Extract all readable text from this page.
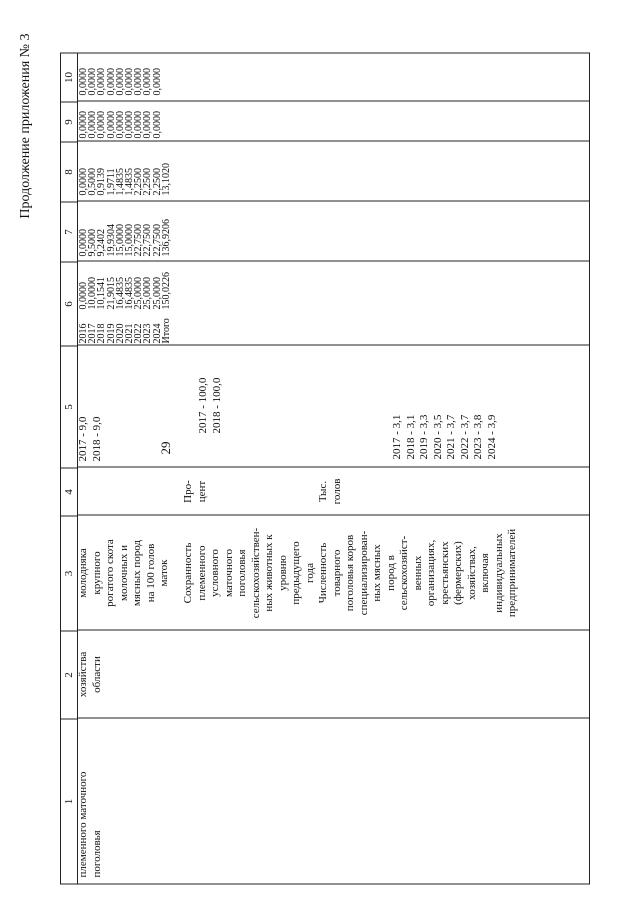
29
Продолжение приложения № 3
1
2
3
4
5
6
7
8
9
10
племенного маточного поголовья
хозяйства области
молодняка крупного рогатого скота молочных и мясных пород на 100 голов маток
2017 - 9,0 2018 - 9,0
Сохранность племенного условного маточного поголовья сельскохозяйствен- ных животных к уровню предыдущего года
Про- цент
2017 - 100,0 2018 - 100,0
Численность товарного поголовья коров специализирован- ных мясных пород в сельскохозяйст- венных организациях, крестьянских (фермерских) хозяйствах, включая индивидуальных предпринимателей
Тыс. голов
2017 - 3,1 2018 - 3,1 2019 - 3,3 2020 - 3,5 2021 - 3,7 2022 - 3,7 2023 - 3,8 2024 - 3,9
2016
2017
2018
2019
2020
2021
2022
2023
2024
Итого
0,0000
10,0000
10,1541
21,9015
16,4835
16,4835
25,0000
25,0000
25,0000
150,0226
0,0000
9,5000
9,2402
19,9304
15,0000
15,0000
22,7500
22,7500
22,7500
136,9206
0,0000
0,5000
0,9139
1,9711
1,4835
1,4835
2,2500
2,2500
2,2500
13,1020
0,0000
0,0000
0,0000
0,0000
0,0000
0,0000
0,0000
0,0000
0,0000
0,0000
0,0000
0,0000
0,0000
0,0000
0,0000
0,0000
0,0000
0,0000
